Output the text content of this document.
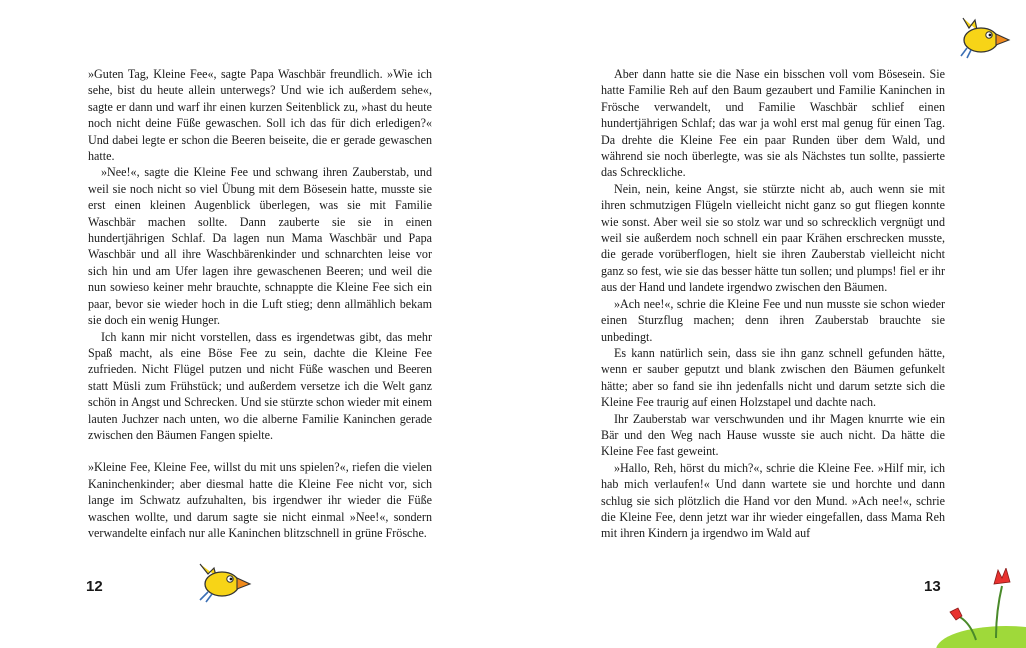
»Guten Tag, Kleine Fee«, sagte Papa Waschbär freundlich. »Wie ich sehe, bist du heute allein unterwegs? Und wie ich außerdem sehe«, sagte er dann und warf ihr einen kurzen Seitenblick zu, »hast du heute noch nicht deine Füße gewaschen. Soll ich das für dich erledigen?« Und dabei legte er schon die Beeren beiseite, die er gerade gewaschen hatte.

»Nee!«, sagte die Kleine Fee und schwang ihren Zauberstab, und weil sie noch nicht so viel Übung mit dem Bösesein hatte, musste sie erst einen kleinen Augenblick überlegen, was sie mit Familie Waschbär machen sollte. Dann zauberte sie sie in einen hundertjährigen Schlaf. Da lagen nun Mama Waschbär und Papa Waschbär und all ihre Waschbärenkinder und schnarchten leise vor sich hin und am Ufer lagen ihre gewaschenen Beeren; und weil die nun sowieso keiner mehr brauchte, schnappte die Kleine Fee sich ein paar, bevor sie wieder hoch in die Luft stieg; denn allmählich bekam sie doch ein wenig Hunger.

Ich kann mir nicht vorstellen, dass es irgendetwas gibt, das mehr Spaß macht, als eine Böse Fee zu sein, dachte die Kleine Fee zufrieden. Nicht Flügel putzen und nicht Füße waschen und Beeren statt Müsli zum Frühstück; und außerdem versetze ich die Welt ganz schön in Angst und Schrecken. Und sie stürzte schon wieder mit einem lauten Juchzer nach unten, wo die alberne Familie Kaninchen gerade zwischen den Bäumen Fangen spielte.

»Kleine Fee, Kleine Fee, willst du mit uns spielen?«, riefen die vielen Kaninchenkinder; aber diesmal hatte die Kleine Fee nicht vor, sich lange im Schwatz aufzuhalten, bis irgendwer ihr wieder die Füße waschen wollte, und darum sagte sie nicht einmal »Nee!«, sondern verwandelte einfach nur alle Kaninchen blitzschnell in grüne Frösche.

12

Aber dann hatte sie die Nase ein bisschen voll vom Bösesein. Sie hatte Familie Reh auf den Baum gezaubert und Familie Kaninchen in Frösche verwandelt, und Familie Waschbär schlief einen hundertjährigen Schlaf; das war ja wohl erst mal genug für einen Tag. Da drehte die Kleine Fee ein paar Runden über dem Wald, und während sie noch überlegte, was sie als Nächstes tun sollte, passierte das Schreckliche.

Nein, nein, keine Angst, sie stürzte nicht ab, auch wenn sie mit ihren schmutzigen Flügeln vielleicht nicht ganz so gut fliegen konnte wie sonst. Aber weil sie so stolz war und so schrecklich vergnügt und weil sie außerdem noch schnell ein paar Krähen erschrecken musste, die gerade vorüberflogen, hielt sie ihren Zauberstab vielleicht nicht ganz so fest, wie sie das besser hätte tun sollen; und plumps! fiel er ihr aus der Hand und landete irgendwo zwischen den Bäumen.

»Ach nee!«, schrie die Kleine Fee und nun musste sie schon wieder einen Sturzflug machen; denn ihren Zauberstab brauchte sie unbedingt.

Es kann natürlich sein, dass sie ihn ganz schnell gefunden hätte, wenn er sauber geputzt und blank zwischen den Bäumen gefunkelt hätte; aber so fand sie ihn jedenfalls nicht und darum setzte sich die Kleine Fee traurig auf einen Holzstapel und dachte nach.

Ihr Zauberstab war verschwunden und ihr Magen knurrte wie ein Bär und den Weg nach Hause wusste sie auch nicht. Da hätte die Kleine Fee fast geweint.

»Hallo, Reh, hörst du mich?«, schrie die Kleine Fee. »Hilf mir, ich hab mich verlaufen!« Und dann wartete sie und horchte und dann schlug sie sich plötzlich die Hand vor den Mund. »Ach nee!«, schrie die Kleine Fee, denn jetzt war ihr wieder eingefallen, dass Mama Reh mit ihren Kindern ja irgendwo im Wald auf

13
